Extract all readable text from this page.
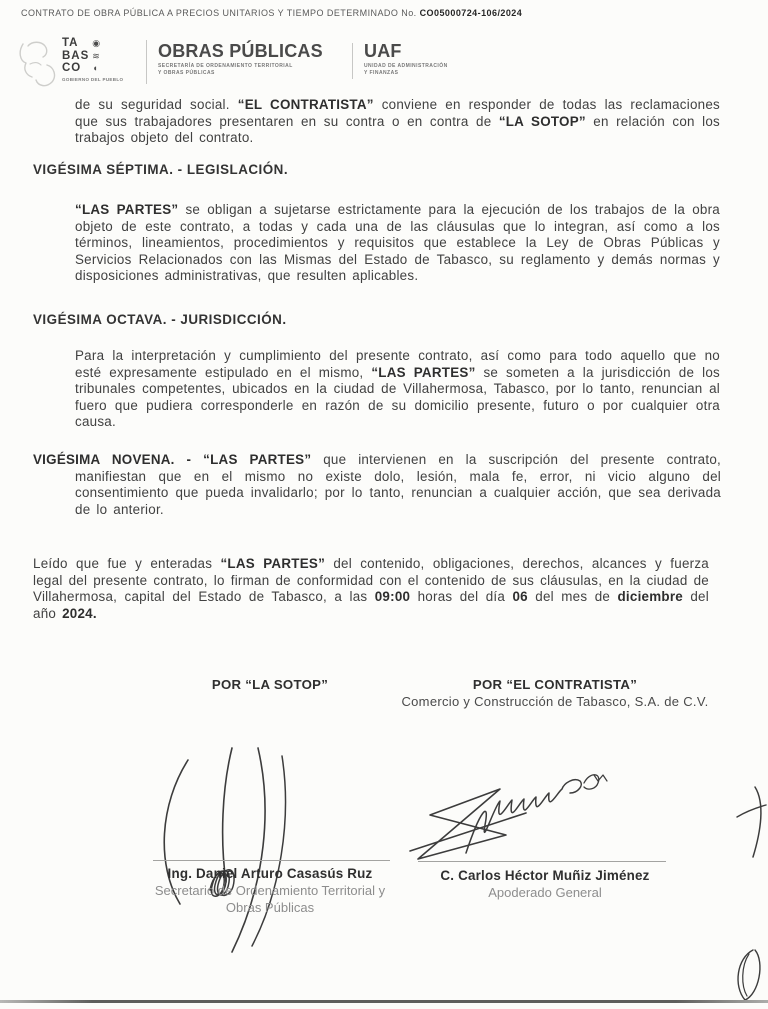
CONTRATO DE OBRA PÚBLICA A PRECIOS UNITARIOS Y TIEMPO DETERMINADO No. CO05000724-106/2024
TA
BAS
CO
◉
≋
◖
GOBIERNO DEL PUEBLO
OBRAS PÚBLICAS
SECRETARÍA DE ORDENAMIENTO TERRITORIAL
Y OBRAS PÚBLICAS
UAF
UNIDAD DE ADMINISTRACIÓN
Y FINANZAS

de su seguridad social. “EL CONTRATISTA” conviene en responder de todas las reclamaciones que sus trabajadores presentaren en su contra o en contra de “LA SOTOP” en relación con los trabajos objeto del contrato.

VIGÉSIMA SÉPTIMA. - LEGISLACIÓN.

“LAS PARTES” se obligan a sujetarse estrictamente para la ejecución de los trabajos de la obra objeto de este contrato, a todas y cada una de las cláusulas que lo integran, así como a los términos, lineamientos, procedimientos y requisitos que establece la Ley de Obras Públicas y Servicios Relacionados con las Mismas del Estado de Tabasco, su reglamento y demás normas y disposiciones administrativas, que resulten aplicables.

VIGÉSIMA OCTAVA. - JURISDICCIÓN.

Para la interpretación y cumplimiento del presente contrato, así como para todo aquello que no esté expresamente estipulado en el mismo, “LAS PARTES” se someten a la jurisdicción de los tribunales competentes, ubicados en la ciudad de Villahermosa, Tabasco, por lo tanto, renuncian al fuero que pudiera corresponderle en razón de su domicilio presente, futuro o por cualquier otra causa.

VIGÉSIMA NOVENA. - “LAS PARTES” que intervienen en la suscripción del presente contrato, manifiestan que en el mismo no existe dolo, lesión, mala fe, error, ni vicio alguno del consentimiento que pueda invalidarlo; por lo tanto, renuncian a cualquier acción, que sea derivada de lo anterior.

Leído que fue y enteradas “LAS PARTES” del contenido, obligaciones, derechos, alcances y fuerza legal del presente contrato, lo firman de conformidad con el contenido de sus cláusulas, en la ciudad de Villahermosa, capital del Estado de Tabasco, a las 09:00 horas del día 06 del mes de diciembre del año 2024.

POR “LA SOTOP”	POR “EL CONTRATISTA”
Comercio y Construcción de Tabasco, S.A. de C.V.
Ing. Daniel Arturo Casasús Ruz
Secretario de Ordenamiento Territorial y
Obras Públicas
C. Carlos Héctor Muñiz Jiménez
Apoderado General
